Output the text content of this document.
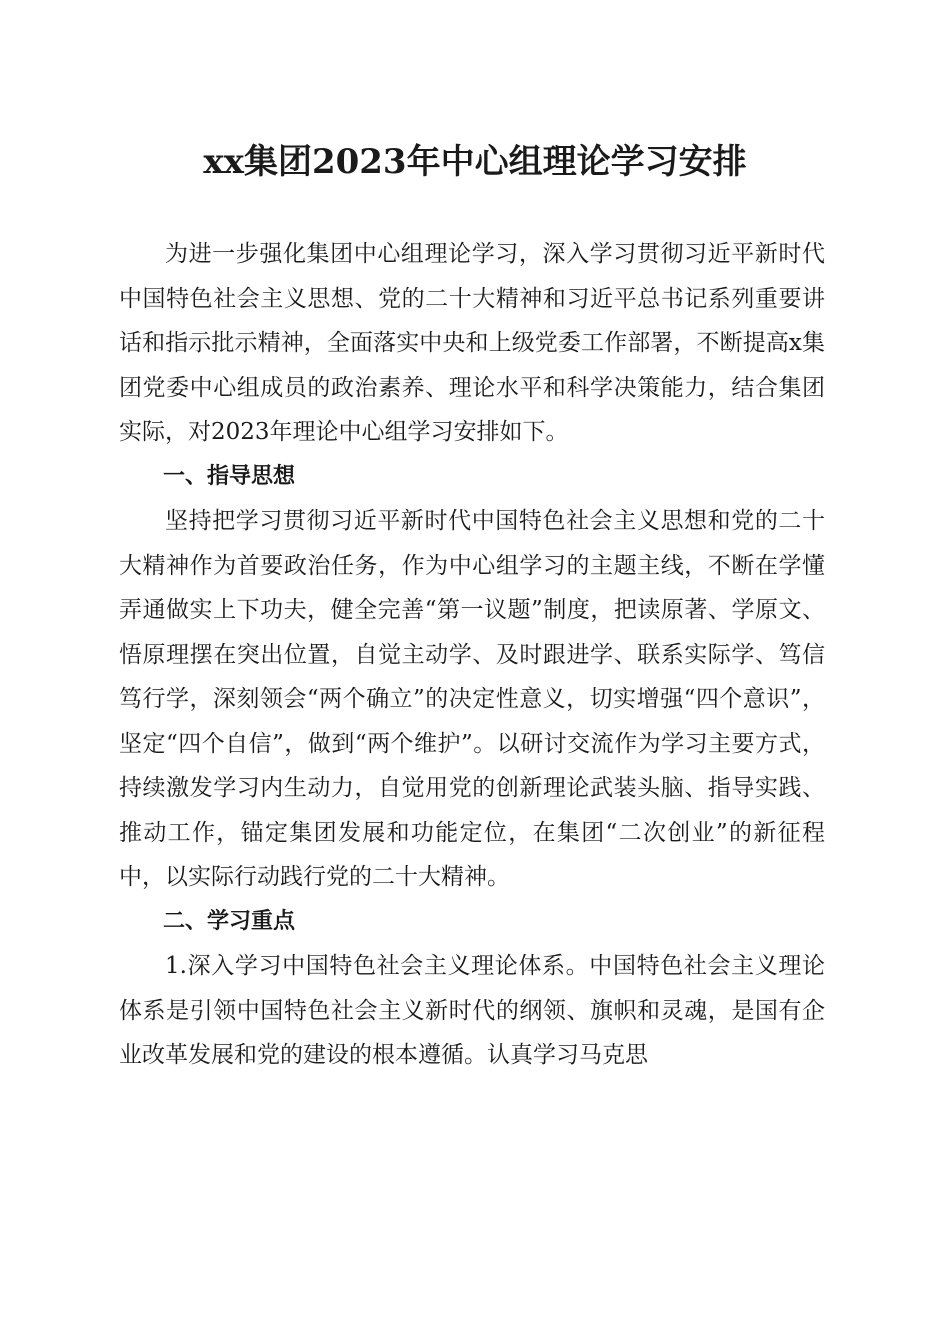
xx集团2023年中心组理论学习安排

为进一步强化集团中心组理论学习，深入学习贯彻习近平新时代中国特色社会主义思想、党的二十大精神和习近平总书记系列重要讲话和指示批示精神，全面落实中央和上级党委工作部署，不断提高x集团党委中心组成员的政治素养、理论水平和科学决策能力，结合集团实际，对2023年理论中心组学习安排如下。

一、指导思想

坚持把学习贯彻习近平新时代中国特色社会主义思想和党的二十大精神作为首要政治任务，作为中心组学习的主题主线，不断在学懂弄通做实上下功夫，健全完善“第一议题”制度，把读原著、学原文、悟原理摆在突出位置，自觉主动学、及时跟进学、联系实际学、笃信笃行学，深刻领会“两个确立”的决定性意义，切实增强“四个意识”，坚定“四个自信”，做到“两个维护”。以研讨交流作为学习主要方式，持续激发学习内生动力，自觉用党的创新理论武装头脑、指导实践、推动工作，锚定集团发展和功能定位，在集团“二次创业”的新征程中，以实际行动践行党的二十大精神。

二、学习重点

1.深入学习中国特色社会主义理论体系。中国特色社会主义理论体系是引领中国特色社会主义新时代的纲领、旗帜和灵魂，是国有企业改革发展和党的建设的根本遵循。认真学习马克思
